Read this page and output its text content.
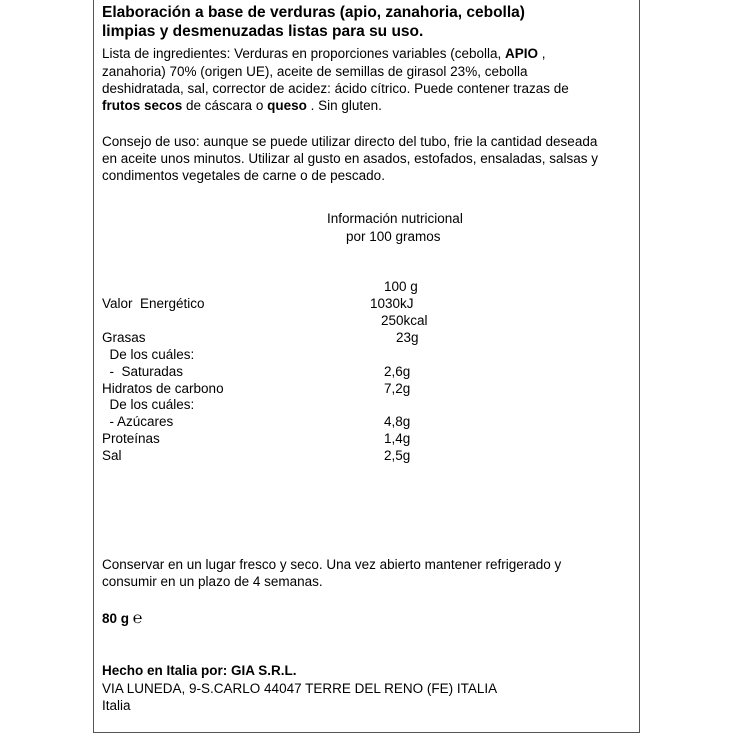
Elaboración a base de verduras (apio, zanahoria, cebolla)
limpias y desmenuzadas listas para su uso.
Lista de ingredientes: Verduras en proporciones variables (cebolla, APIO ,
zanahoria) 70% (origen UE), aceite de semillas de girasol 23%, cebolla
deshidratada, sal, corrector de acidez: ácido cítrico. Puede contener trazas de
frutos secos de cáscara o queso . Sin gluten.
Consejo de uso: aunque se puede utilizar directo del tubo, frie la cantidad deseada
en aceite unos minutos. Utilizar al gusto en asados, estofados, ensaladas, salsas y
condimentos vegetales de carne o de pescado.
Información nutricional
por 100 gramos
100 g
Valor  Energético	1030kJ
250kcal
Grasas	23g
De los cuáles:
-  Saturadas	2,6g
Hidratos de carbono	7,2g
De los cuáles:
- Azúcares	4,8g
Proteínas	1,4g
Sal	2,5g
Conservar en un lugar fresco y seco. Una vez abierto mantener refrigerado y
consumir en un plazo de 4 semanas.
80 g ℮
Hecho en Italia por: GIA S.R.L.
VIA LUNEDA, 9-S.CARLO 44047 TERRE DEL RENO (FE) ITALIA
Italia
